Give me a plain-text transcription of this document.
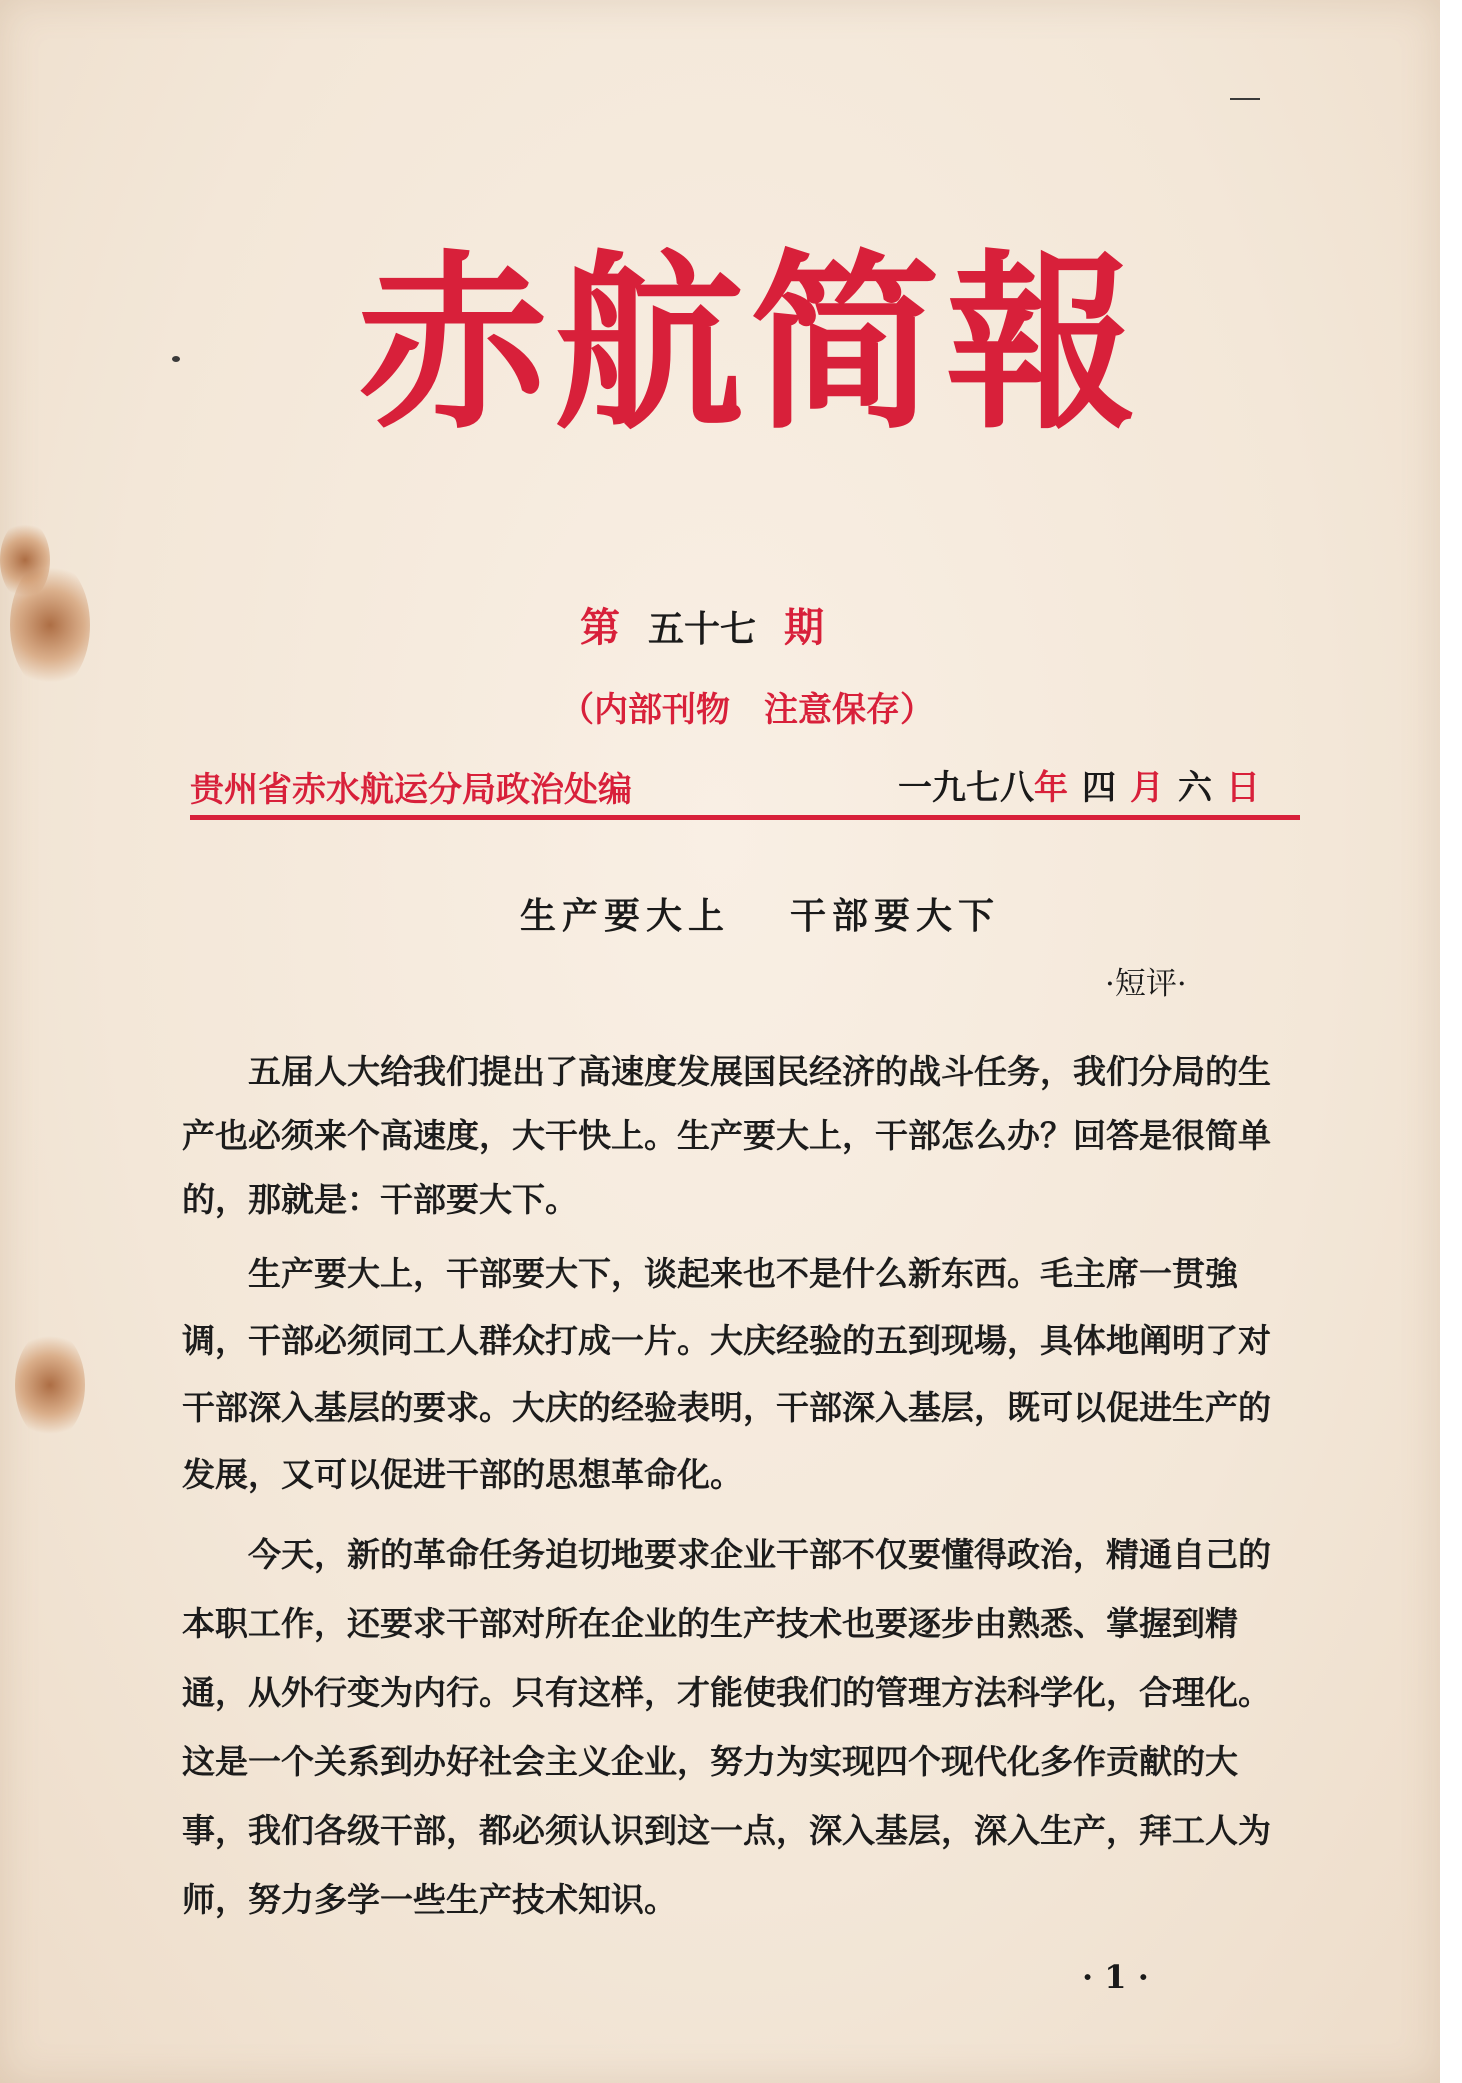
赤航简報
第 五十七 期
（内部刊物　注意保存）
贵州省赤水航运分局政治处编	一九七八年 四 月 六 日
生产要大上 干部要大下
·短评·

五届人大给我们提出了高速度发展国民经济的战斗任务，我们分局的生产也必须来个高速度，大干快上。生产要大上，干部怎么办？回答是很简单的，那就是：干部要大下。

生产要大上，干部要大下，谈起来也不是什么新东西。毛主席一贯強调，干部必须同工人群众打成一片。大庆经验的五到现場，具体地阐明了对干部深入基层的要求。大庆的经验表明，干部深入基层，既可以促进生产的发展，又可以促进干部的思想革命化。

今天，新的革命任务迫切地要求企业干部不仅要懂得政治，精通自己的本职工作，还要求干部对所在企业的生产技术也要逐步由熟悉、掌握到精通，从外行变为内行。只有这样，才能使我们的管理方法科学化，合理化。这是一个关系到办好社会主义企业，努力为实现四个现代化多作贡献的大事，我们各级干部，都必须认识到这一点，深入基层，深入生产，拜工人为师，努力多学一些生产技术知识。

· 1 ·
